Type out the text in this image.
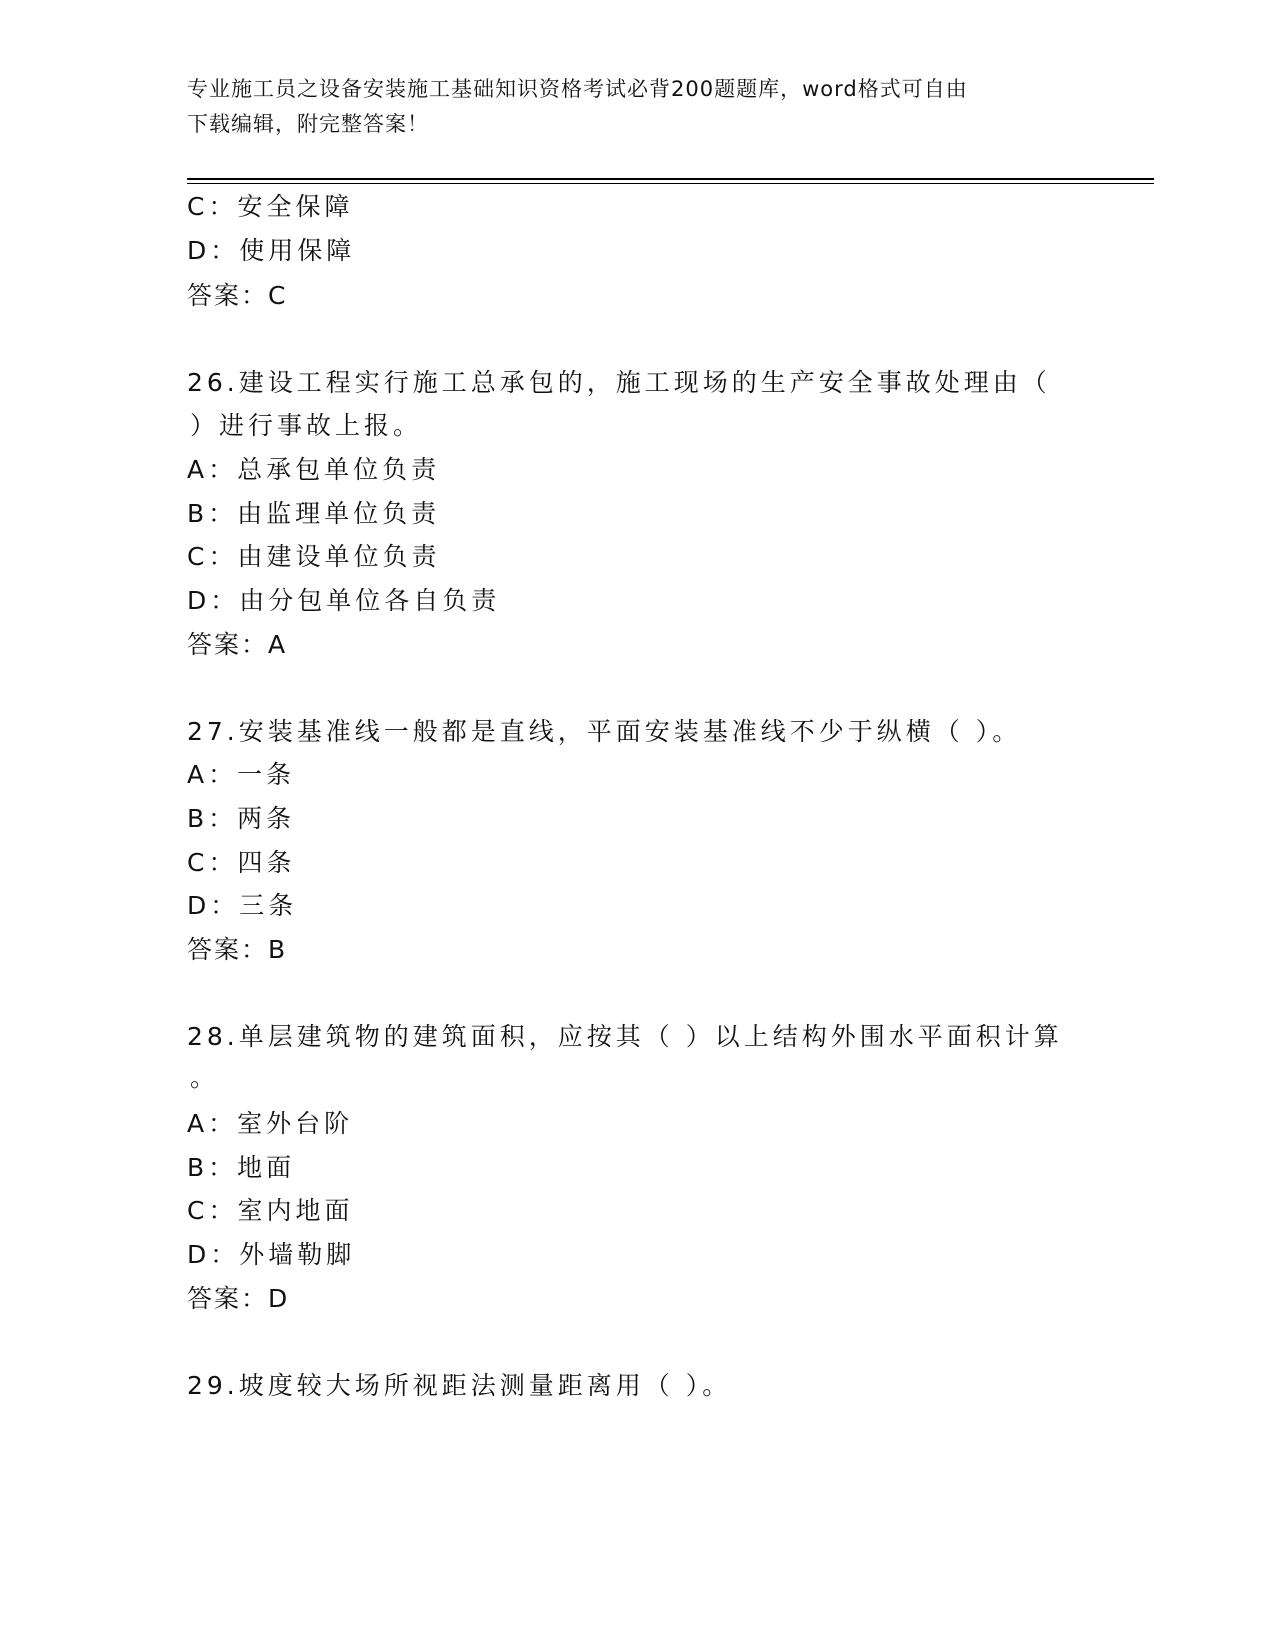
专业施工员之设备安装施工基础知识资格考试必背200题题库，word格式可自由
下载编辑，附完整答案！
C：安全保障
D：使用保障
答案：C
26.建设工程实行施工总承包的，施工现场的生产安全事故处理由（
）进行事故上报。
A：总承包单位负责
B：由监理单位负责
C：由建设单位负责
D：由分包单位各自负责
答案：A
27.安装基准线一般都是直线，平面安装基准线不少于纵横（ ）。
A：一条
B：两条
C：四条
D：三条
答案：B
28.单层建筑物的建筑面积，应按其（ ）以上结构外围水平面积计算
。
A：室外台阶
B：地面
C：室内地面
D：外墙勒脚
答案：D
29.坡度较大场所视距法测量距离用（ ）。
